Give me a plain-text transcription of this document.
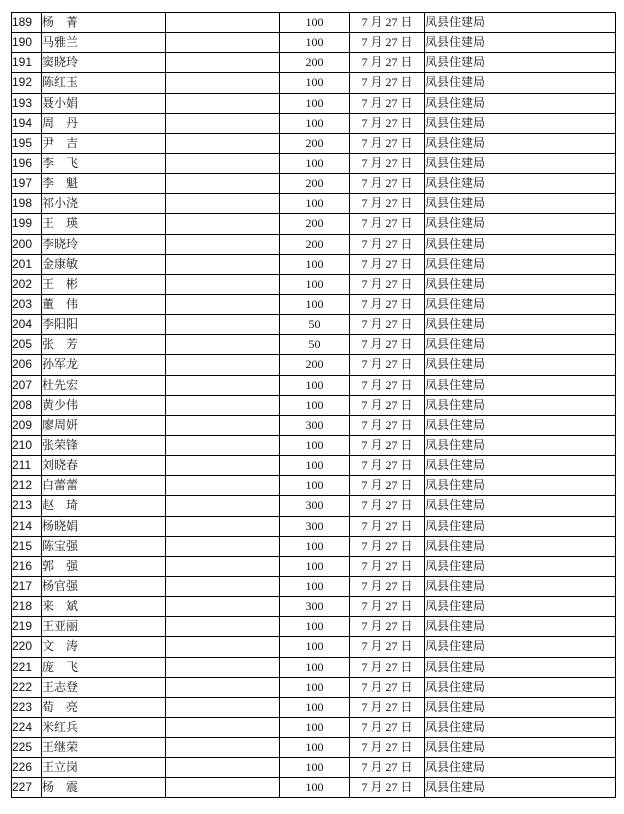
189	杨　菁		100	7 月 27 日	凤县住建局
190	马雅兰		100	7 月 27 日	凤县住建局
191	窦晓玲		200	7 月 27 日	凤县住建局
192	陈红玉		100	7 月 27 日	凤县住建局
193	聂小娟		100	7 月 27 日	凤县住建局
194	周　丹		100	7 月 27 日	凤县住建局
195	尹　吉		200	7 月 27 日	凤县住建局
196	李　飞		100	7 月 27 日	凤县住建局
197	李　魁		200	7 月 27 日	凤县住建局
198	祁小浇		100	7 月 27 日	凤县住建局
199	王　瑛		200	7 月 27 日	凤县住建局
200	李晓玲		200	7 月 27 日	凤县住建局
201	金康敏		100	7 月 27 日	凤县住建局
202	王　彬		100	7 月 27 日	凤县住建局
203	董　伟		100	7 月 27 日	凤县住建局
204	李阳阳		50	7 月 27 日	凤县住建局
205	张　芳		50	7 月 27 日	凤县住建局
206	孙军龙		200	7 月 27 日	凤县住建局
207	杜先宏		100	7 月 27 日	凤县住建局
208	黄少伟		100	7 月 27 日	凤县住建局
209	廖周妍		300	7 月 27 日	凤县住建局
210	张荣锋		100	7 月 27 日	凤县住建局
211	刘晓春		100	7 月 27 日	凤县住建局
212	白蕾蕾		100	7 月 27 日	凤县住建局
213	赵　琦		300	7 月 27 日	凤县住建局
214	杨晓娟		300	7 月 27 日	凤县住建局
215	陈宝强		100	7 月 27 日	凤县住建局
216	郭　强		100	7 月 27 日	凤县住建局
217	杨官强		100	7 月 27 日	凤县住建局
218	来　斌		300	7 月 27 日	凤县住建局
219	王亚丽		100	7 月 27 日	凤县住建局
220	文　涛		100	7 月 27 日	凤县住建局
221	庞　飞		100	7 月 27 日	凤县住建局
222	王志登		100	7 月 27 日	凤县住建局
223	荀　亮		100	7 月 27 日	凤县住建局
224	米红兵		100	7 月 27 日	凤县住建局
225	王继荣		100	7 月 27 日	凤县住建局
226	王立岗		100	7 月 27 日	凤县住建局
227	杨　震		100	7 月 27 日	凤县住建局
